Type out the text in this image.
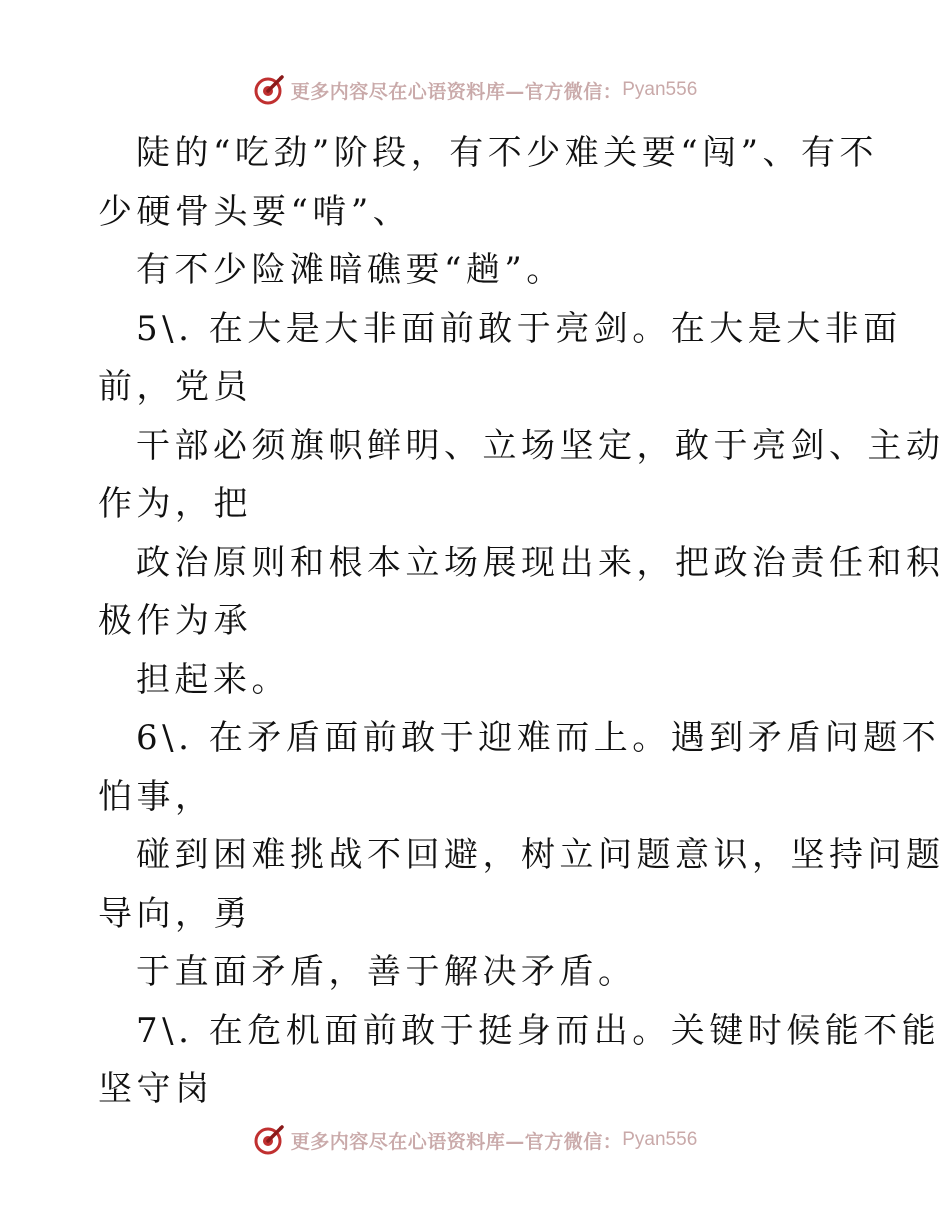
更多内容尽在心语资料库—官方微信： Pyan556
陡的“吃劲”阶段，有不少难关要“闯”、有不
少硬骨头要“啃”、
有不少险滩暗礁要“趟”。
5\. 在大是大非面前敢于亮剑。在大是大非面
前，党员
干部必须旗帜鲜明、立场坚定，敢于亮剑、主动
作为，把
政治原则和根本立场展现出来，把政治责任和积
极作为承
担起来。
6\. 在矛盾面前敢于迎难而上。遇到矛盾问题不
怕事，
碰到困难挑战不回避，树立问题意识，坚持问题
导向，勇
于直面矛盾，善于解决矛盾。
7\. 在危机面前敢于挺身而出。关键时候能不能
坚守岗
更多内容尽在心语资料库—官方微信： Pyan556
